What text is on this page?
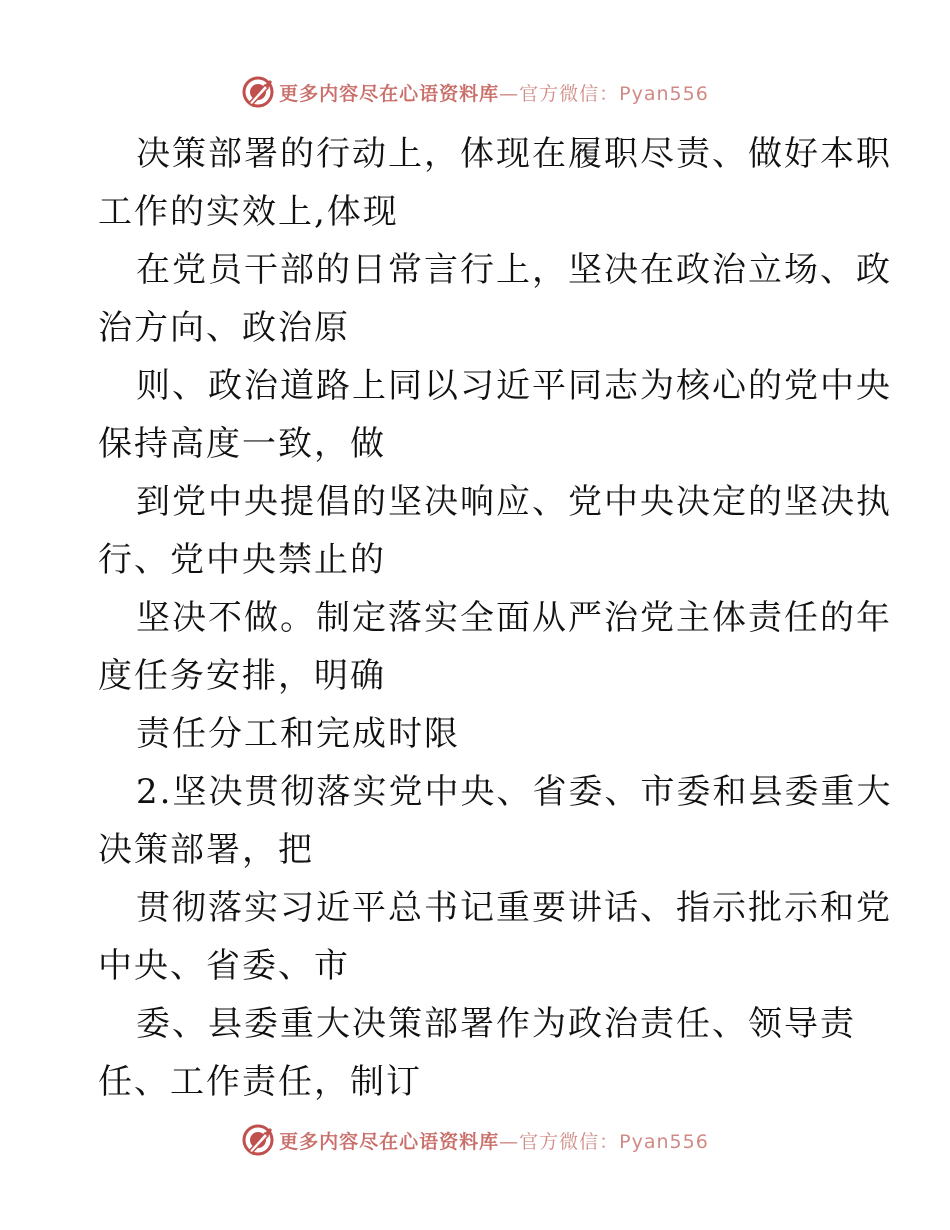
更多内容尽在心语资料库—官方微信：Pyan556
决策部署的行动上，体现在履职尽责、做好本职
工作的实效上,体现
在党员干部的日常言行上，坚决在政治立场、政
治方向、政治原
则、政治道路上同以习近平同志为核心的党中央
保持高度一致，做
到党中央提倡的坚决响应、党中央决定的坚决执
行、党中央禁止的
坚决不做。制定落实全面从严治党主体责任的年
度任务安排，明确
责任分工和完成时限
2.坚决贯彻落实党中央、省委、市委和县委重大
决策部署，把
贯彻落实习近平总书记重要讲话、指示批示和党
中央、省委、市
委、县委重大决策部署作为政治责任、领导责
任、工作责任，制订
更多内容尽在心语资料库—官方微信：Pyan556
